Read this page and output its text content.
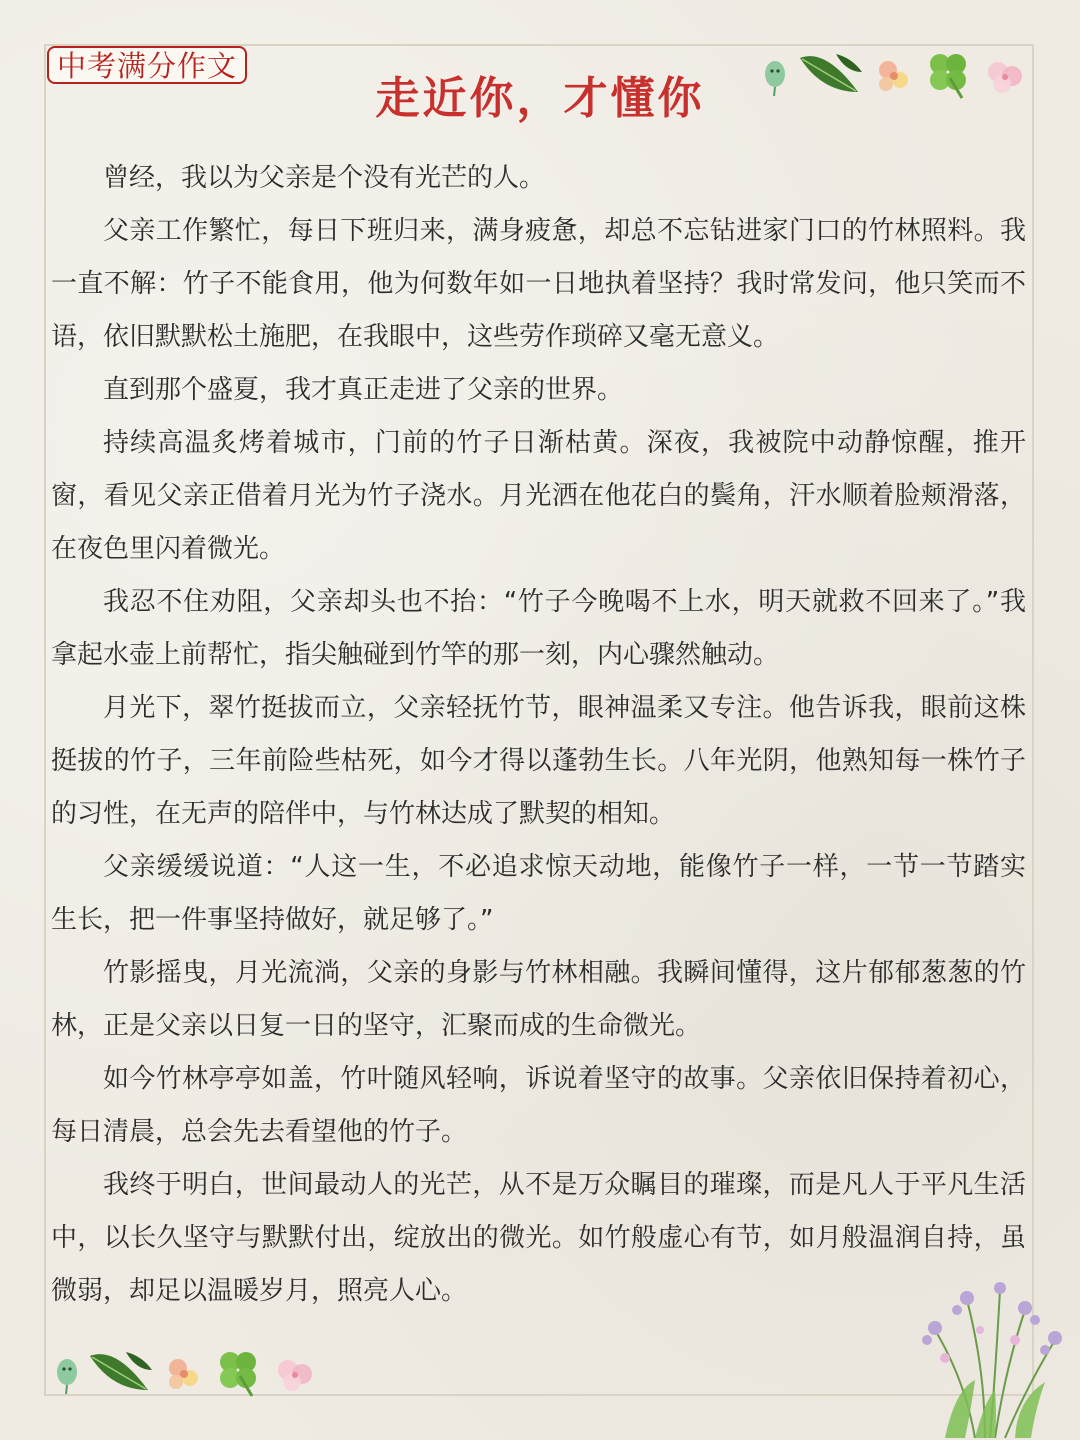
中考满分作文
走近你，才懂你

曾经，我以为父亲是个没有光芒的人。

父亲工作繁忙，每日下班归来，满身疲惫，却总不忘钻进家门口的竹林照料。我一直不解：竹子不能食用，他为何数年如一日地执着坚持？我时常发问，他只笑而不语，依旧默默松土施肥，在我眼中，这些劳作琐碎又毫无意义。

直到那个盛夏，我才真正走进了父亲的世界。

持续高温炙烤着城市，门前的竹子日渐枯黄。深夜，我被院中动静惊醒，推开窗，看见父亲正借着月光为竹子浇水。月光洒在他花白的鬓角，汗水顺着脸颊滑落，在夜色里闪着微光。

我忍不住劝阻，父亲却头也不抬：“竹子今晚喝不上水，明天就救不回来了。”我拿起水壶上前帮忙，指尖触碰到竹竿的那一刻，内心骤然触动。

月光下，翠竹挺拔而立，父亲轻抚竹节，眼神温柔又专注。他告诉我，眼前这株挺拔的竹子，三年前险些枯死，如今才得以蓬勃生长。八年光阴，他熟知每一株竹子的习性，在无声的陪伴中，与竹林达成了默契的相知。

父亲缓缓说道：“人这一生，不必追求惊天动地，能像竹子一样，一节一节踏实生长，把一件事坚持做好，就足够了。”

竹影摇曳，月光流淌，父亲的身影与竹林相融。我瞬间懂得，这片郁郁葱葱的竹林，正是父亲以日复一日的坚守，汇聚而成的生命微光。

如今竹林亭亭如盖，竹叶随风轻响，诉说着坚守的故事。父亲依旧保持着初心，每日清晨，总会先去看望他的竹子。

我终于明白，世间最动人的光芒，从不是万众瞩目的璀璨，而是凡人于平凡生活中，以长久坚守与默默付出，绽放出的微光。如竹般虚心有节，如月般温润自持，虽微弱，却足以温暖岁月，照亮人心。
